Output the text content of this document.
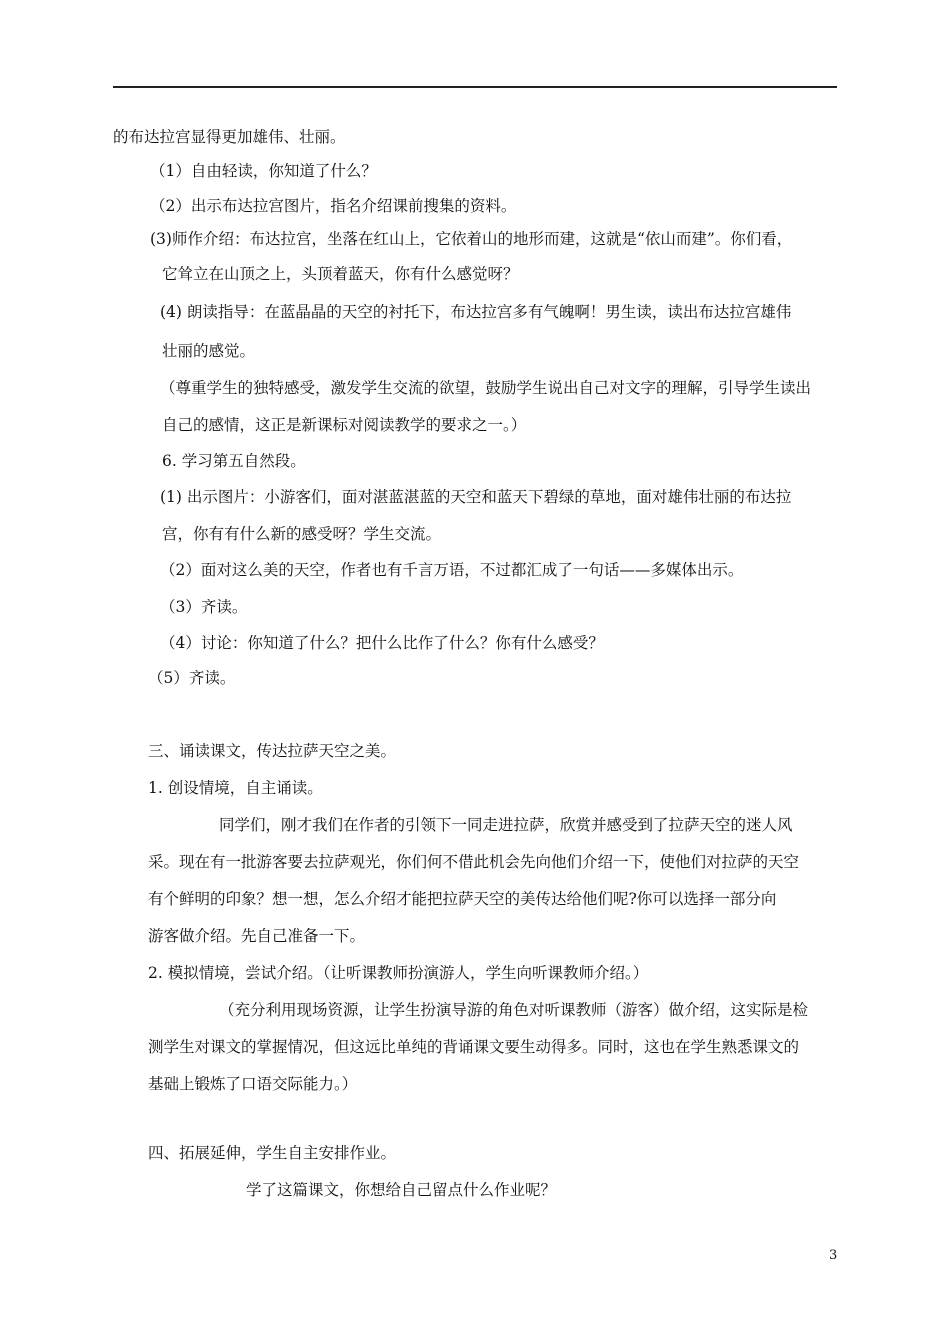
的布达拉宫显得更加雄伟、壮丽。
（1）自由轻读，你知道了什么？
（2）出示布达拉宫图片，指名介绍课前搜集的资料。
(3)师作介绍：布达拉宫，坐落在红山上，它依着山的地形而建，这就是“依山而建”。你们看，
它耸立在山顶之上，头顶着蓝天，你有什么感觉呀？
(4) 朗读指导：在蓝晶晶的天空的衬托下，布达拉宫多有气魄啊！男生读，读出布达拉宫雄伟
壮丽的感觉。
（尊重学生的独特感受，激发学生交流的欲望，鼓励学生说出自己对文字的理解，引导学生读出
自己的感情，这正是新课标对阅读教学的要求之一。）
6. 学习第五自然段。
(1) 出示图片：小游客们，面对湛蓝湛蓝的天空和蓝天下碧绿的草地，面对雄伟壮丽的布达拉
宫，你有有什么新的感受呀？学生交流。
（2）面对这么美的天空，作者也有千言万语，不过都汇成了一句话——多媒体出示。
（3）齐读。
（4）讨论：你知道了什么？把什么比作了什么？你有什么感受？
（5）齐读。
三、诵读课文，传达拉萨天空之美。
1. 创设情境，自主诵读。
同学们，刚才我们在作者的引领下一同走进拉萨，欣赏并感受到了拉萨天空的迷人风
采。现在有一批游客要去拉萨观光，你们何不借此机会先向他们介绍一下，使他们对拉萨的天空
有个鲜明的印象？想一想，怎么介绍才能把拉萨天空的美传达给他们呢?你可以选择一部分向
游客做介绍。先自己准备一下。
2. 模拟情境，尝试介绍。（让听课教师扮演游人，学生向听课教师介绍。）
（充分利用现场资源，让学生扮演导游的角色对听课教师（游客）做介绍，这实际是检
测学生对课文的掌握情况，但这远比单纯的背诵课文要生动得多。同时，这也在学生熟悉课文的
基础上锻炼了口语交际能力。）
四、拓展延伸，学生自主安排作业。
学了这篇课文，你想给自己留点什么作业呢？
3
